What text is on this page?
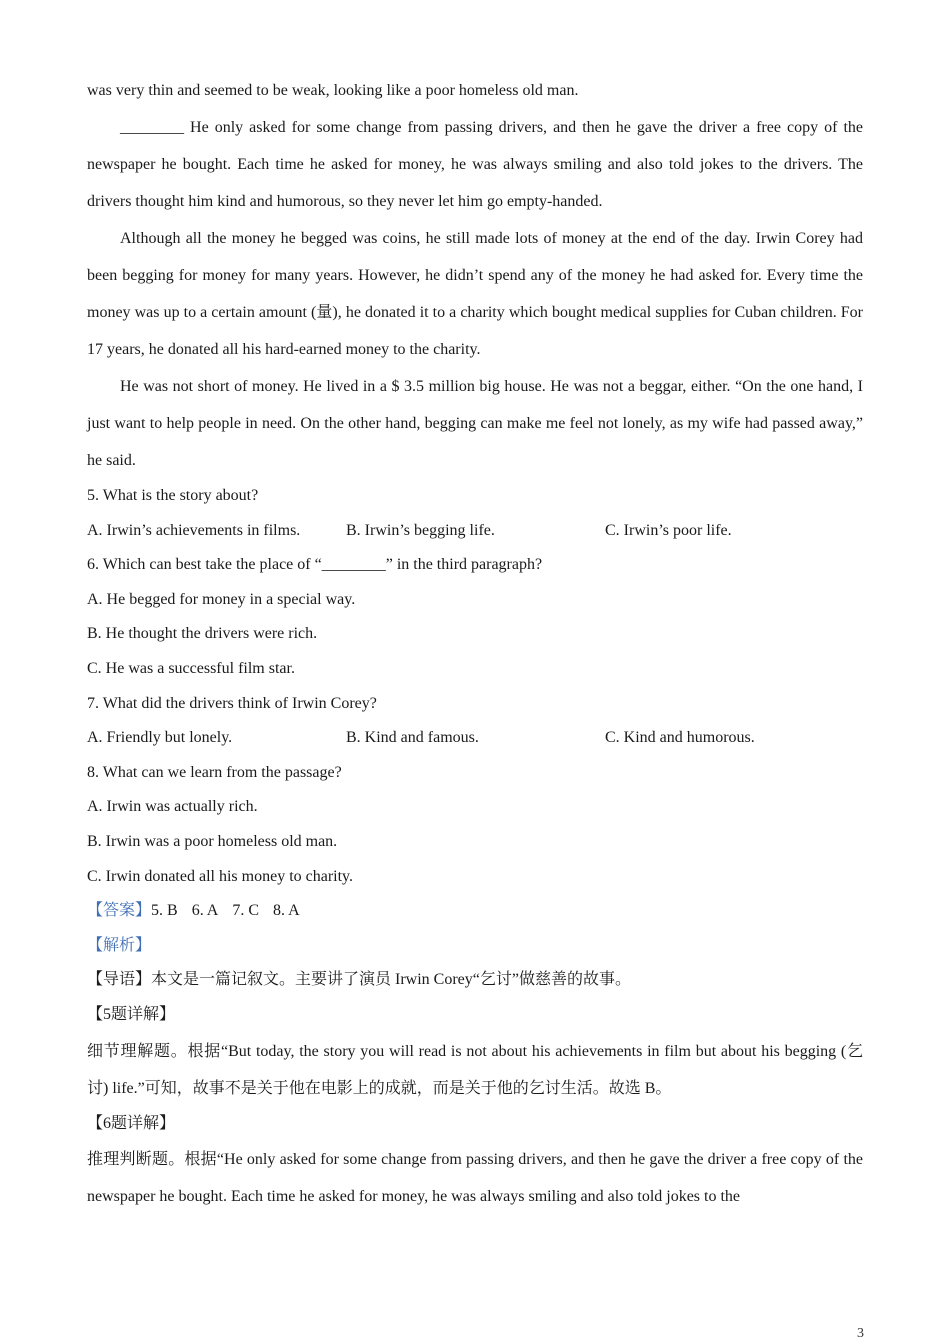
was very thin and seemed to be weak, looking like a poor homeless old man.

________ He only asked for some change from passing drivers, and then he gave the driver a free copy of the newspaper he bought. Each time he asked for money, he was always smiling and also told jokes to the drivers. The drivers thought him kind and humorous, so they never let him go empty-handed.

Although all the money he begged was coins, he still made lots of money at the end of the day. Irwin Corey had been begging for money for many years. However, he didn’t spend any of the money he had asked for. Every time the money was up to a certain amount (量), he donated it to a charity which bought medical supplies for Cuban children. For 17 years, he donated all his hard-earned money to the charity.

He was not short of money. He lived in a $ 3.5 million big house. He was not a beggar, either. “On the one hand, I just want to help people in need. On the other hand, begging can make me feel not lonely, as my wife had passed away,” he said.

5. What is the story about?
A. Irwin’s achievements in films.	B. Irwin’s begging life.	C. Irwin’s poor life.
6. Which can best take the place of “________” in the third paragraph?
A. He begged for money in a special way.
B. He thought the drivers were rich.
C. He was a successful film star.
7. What did the drivers think of Irwin Corey?
A. Friendly but lonely.	B. Kind and famous.	C. Kind and humorous.
8. What can we learn from the passage?
A. Irwin was actually rich.
B. Irwin was a poor homeless old man.
C. Irwin donated all his money to charity.
【答案】5. B 6. A 7. C 8. A
【解析】
【导语】本文是一篇记叙文。主要讲了演员 Irwin Corey“乞讨”做慈善的故事。
【5题详解】

细节理解题。根据“But today, the story you will read is not about his achievements in film but about his begging (乞讨) life.”可知，故事不是关于他在电影上的成就，而是关于他的乞讨生活。故选 B。

【6题详解】

推理判断题。根据“He only asked for some change from passing drivers, and then he gave the driver a free copy of the newspaper he bought. Each time he asked for money, he was always smiling and also told jokes to the

3
